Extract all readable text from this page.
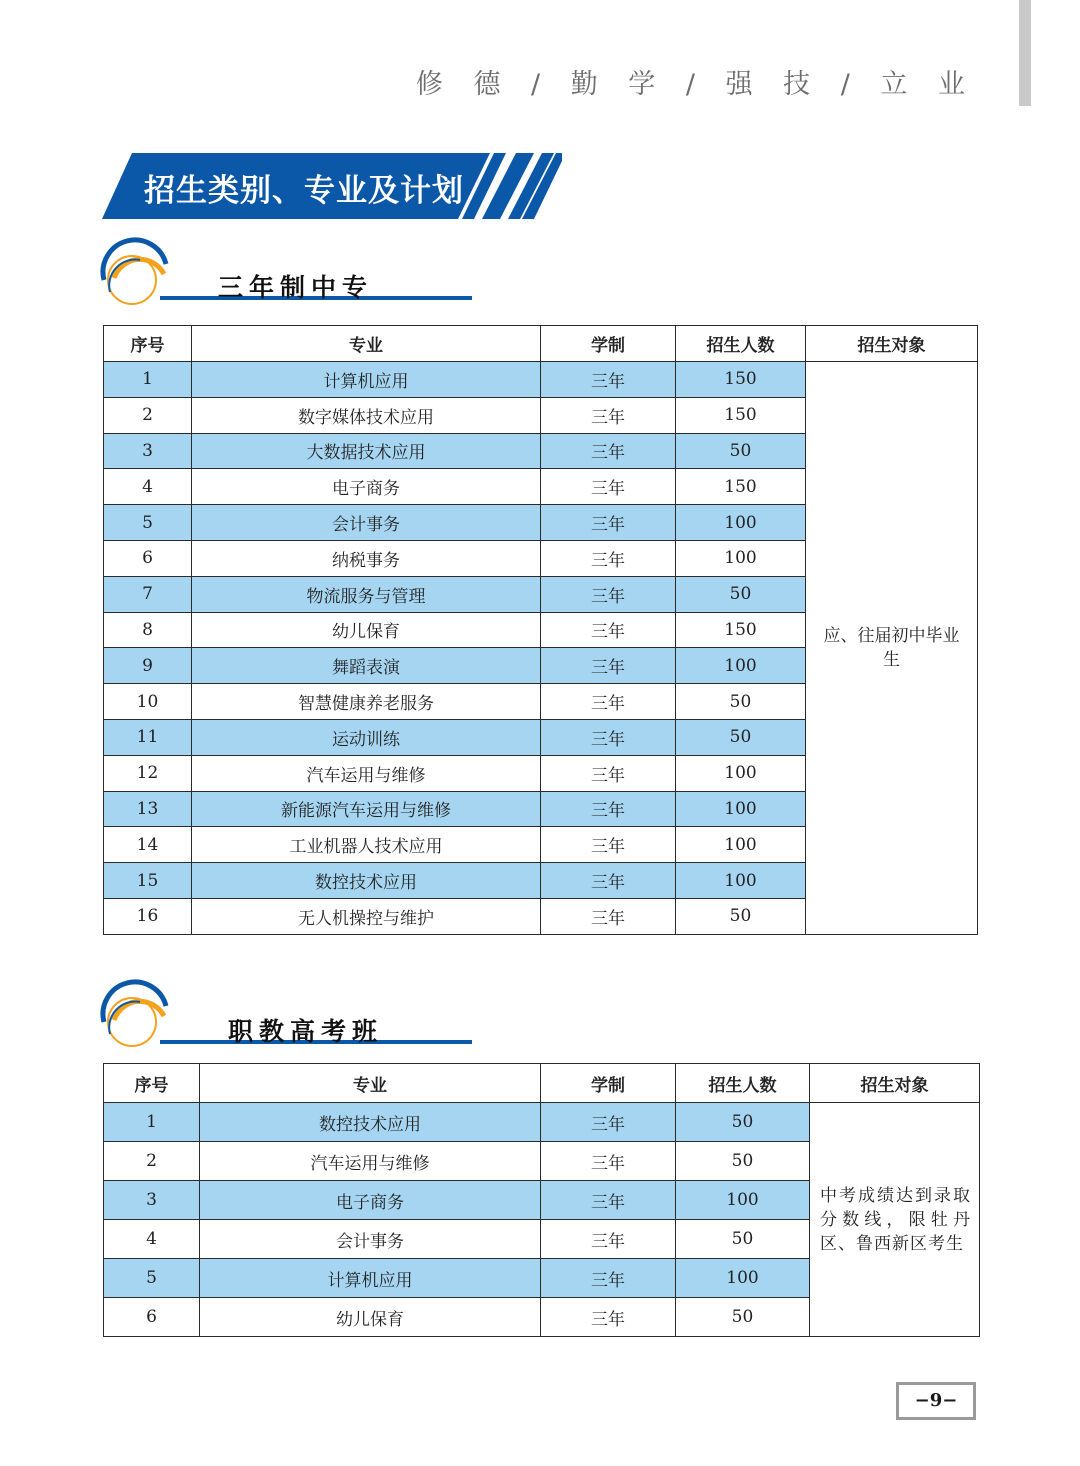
修 德 / 勤 学 / 强 技 / 立 业
招生类别、专业及计划
三年制中专
序号	专业	学制	招生人数	招生对象
1	计算机应用	三年	150	应、往届初中毕业生
2	数字媒体技术应用	三年	150	
3	大数据技术应用	三年	50	
4	电子商务	三年	150	
5	会计事务	三年	100	
6	纳税事务	三年	100	
7	物流服务与管理	三年	50	
8	幼儿保育	三年	150	
9	舞蹈表演	三年	100	
10	智慧健康养老服务	三年	50	
11	运动训练	三年	50	
12	汽车运用与维修	三年	100	
13	新能源汽车运用与维修	三年	100	
14	工业机器人技术应用	三年	100	
15	数控技术应用	三年	100	
16	无人机操控与维护	三年	50	
职教高考班
序号	专业	学制	招生人数	招生对象
1	数控技术应用	三年	50	中考成绩达到录取分数线，限牡丹区、鲁西新区考生
2	汽车运用与维修	三年	50	
3	电子商务	三年	100	
4	会计事务	三年	50	
5	计算机应用	三年	100	
6	幼儿保育	三年	50	
−9−
